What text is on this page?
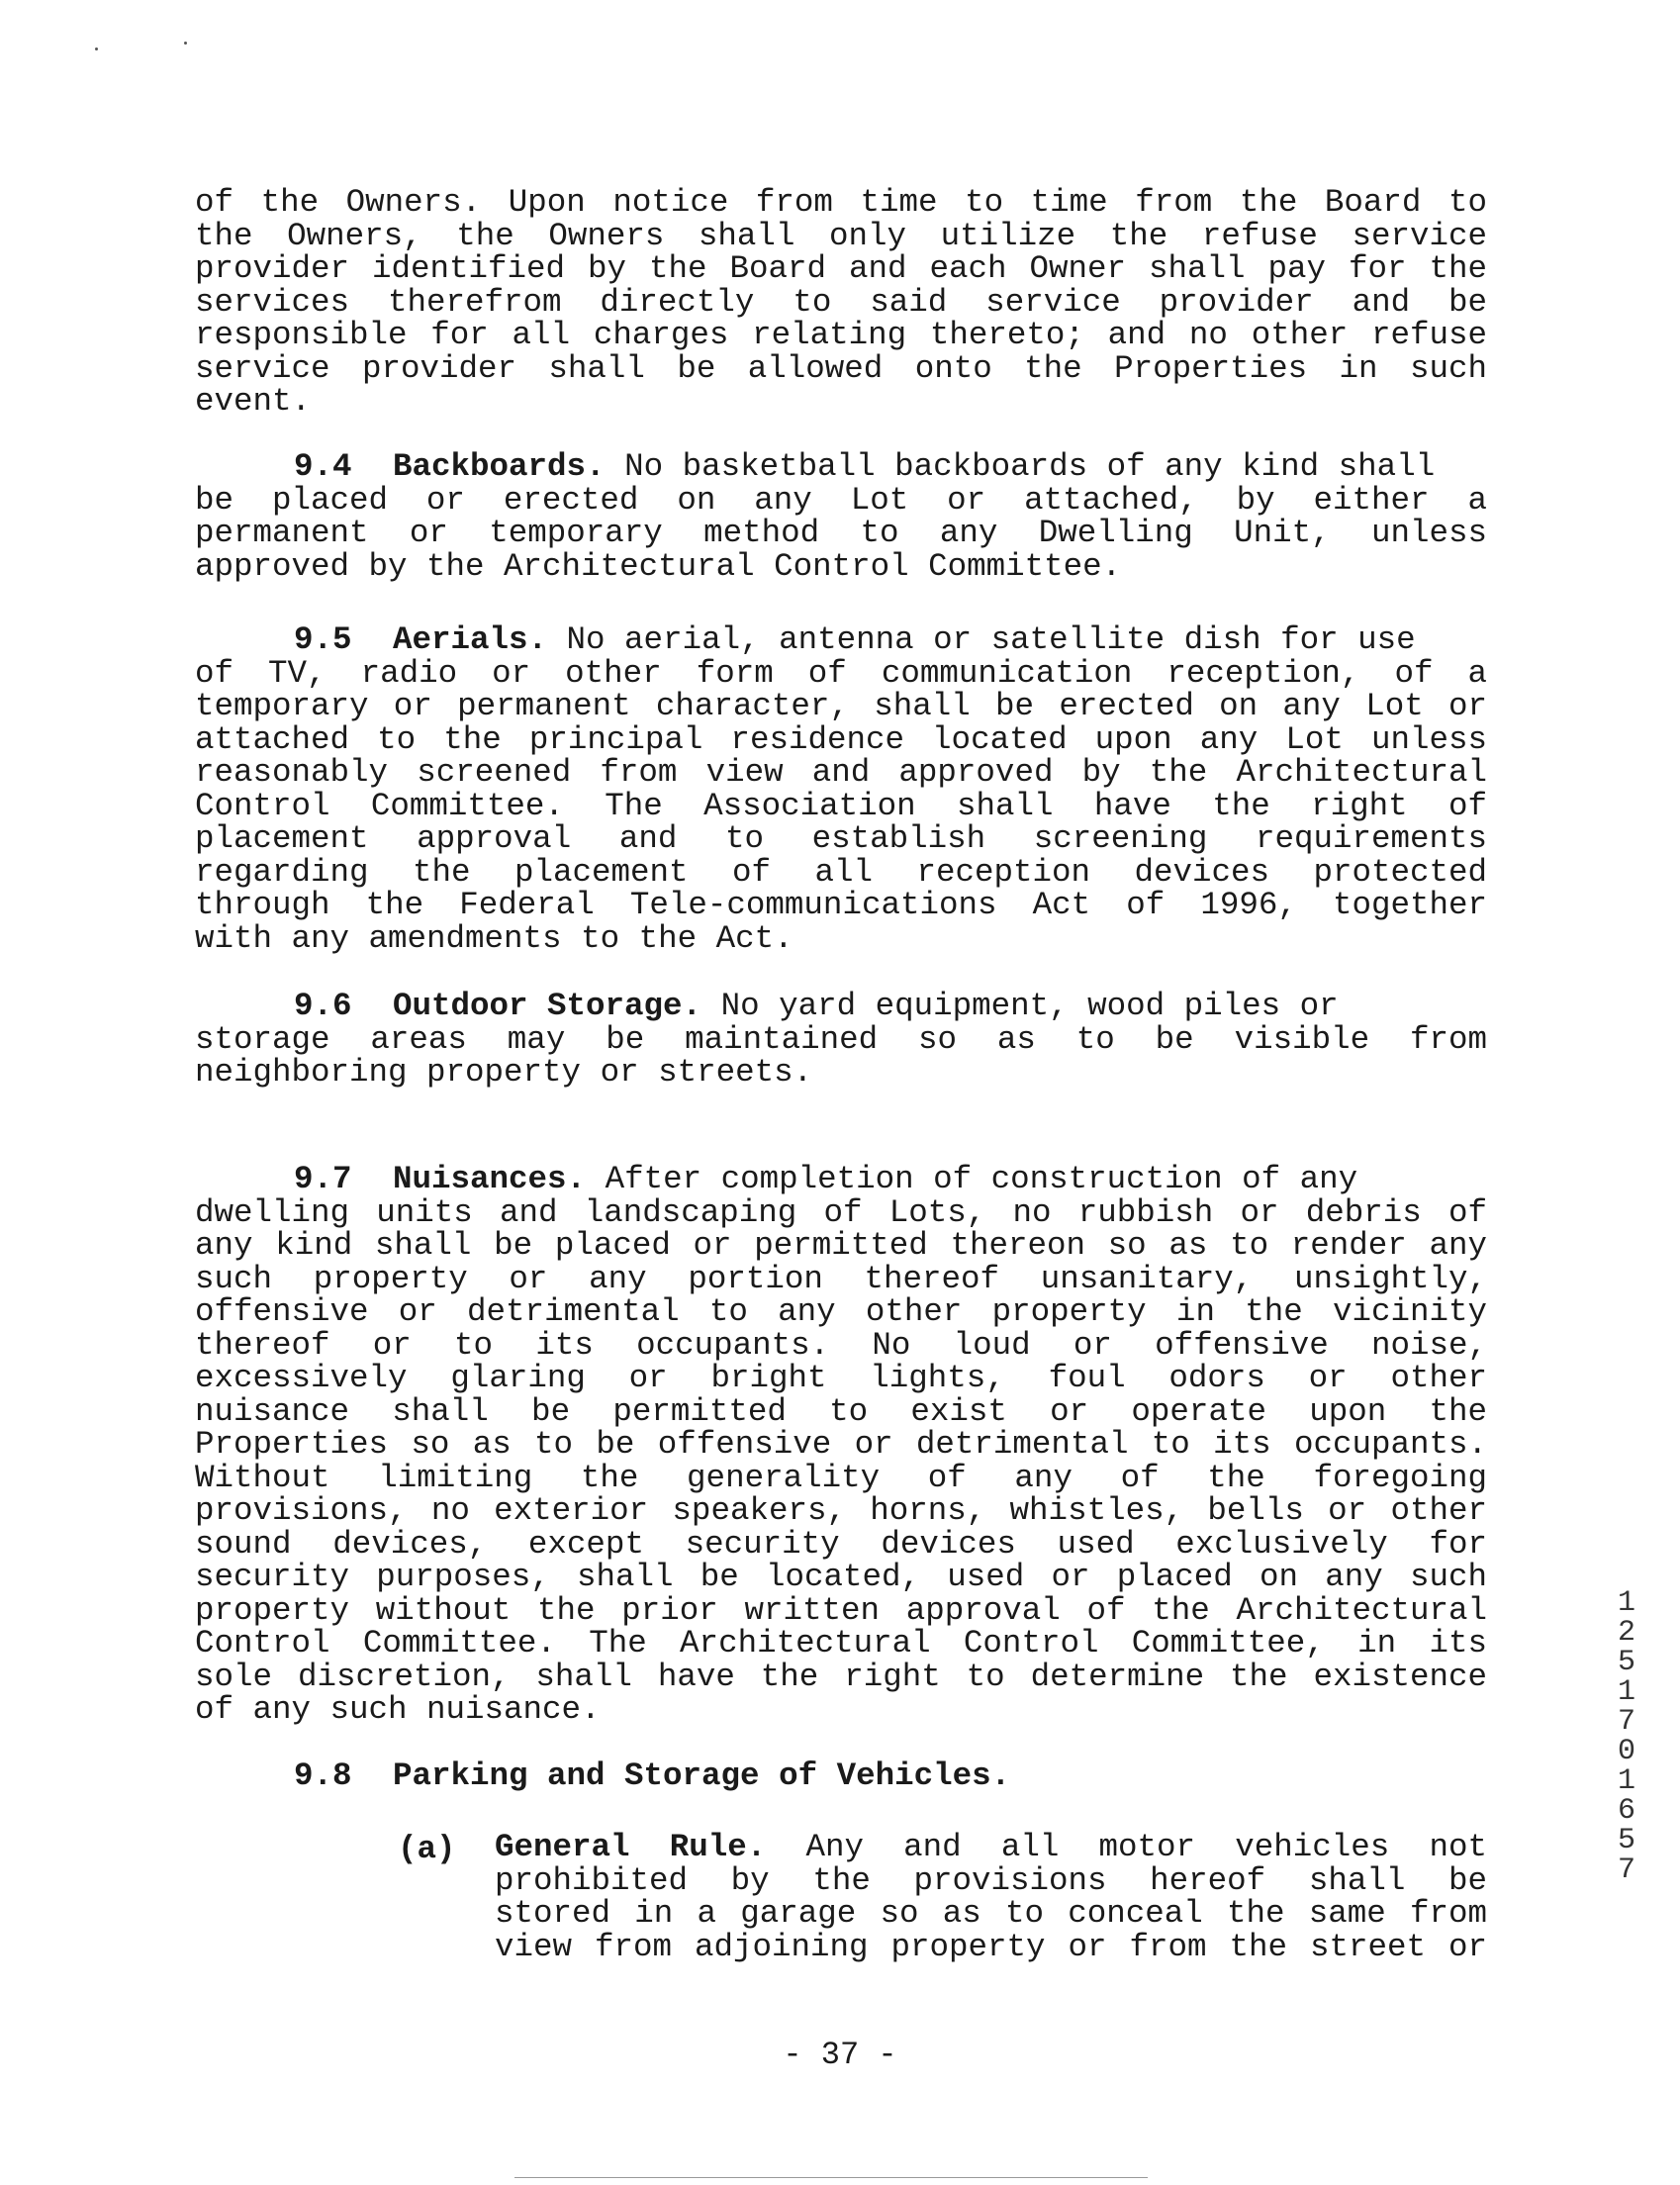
of the Owners. Upon notice from time to time from the Board to
the Owners, the Owners shall only utilize the refuse service
provider identified by the Board and each Owner shall pay for the
services therefrom directly to said service provider and be
responsible for all charges relating thereto; and no other refuse
service provider shall be allowed onto the Properties in such
event.
9.4 Backboards. No basketball backboards of any kind shall
be placed or erected on any Lot or attached, by either a
permanent or temporary method to any Dwelling Unit, unless
approved by the Architectural Control Committee.
9.5 Aerials. No aerial, antenna or satellite dish for use
of TV, radio or other form of communication reception, of a
temporary or permanent character, shall be erected on any Lot or
attached to the principal residence located upon any Lot unless
reasonably screened from view and approved by the Architectural
Control Committee. The Association shall have the right of
placement approval and to establish screening requirements
regarding the placement of all reception devices protected
through the Federal Tele-communications Act of 1996, together
with any amendments to the Act.
9.6 Outdoor Storage. No yard equipment, wood piles or
storage areas may be maintained so as to be visible from
neighboring property or streets.
9.7 Nuisances. After completion of construction of any
dwelling units and landscaping of Lots, no rubbish or debris of
any kind shall be placed or permitted thereon so as to render any
such property or any portion thereof unsanitary, unsightly,
offensive or detrimental to any other property in the vicinity
thereof or to its occupants. No loud or offensive noise,
excessively glaring or bright lights, foul odors or other
nuisance shall be permitted to exist or operate upon the
Properties so as to be offensive or detrimental to its occupants.
Without limiting the generality of any of the foregoing
provisions, no exterior speakers, horns, whistles, bells or other
sound devices, except security devices used exclusively for
security purposes, shall be located, used or placed on any such
property without the prior written approval of the Architectural
Control Committee. The Architectural Control Committee, in its
sole discretion, shall have the right to determine the existence
of any such nuisance.
9.8 Parking and Storage of Vehicles.
(a) General Rule. Any and all motor vehicles not
prohibited by the provisions hereof shall be
stored in a garage so as to conceal the same from
view from adjoining property or from the street or
1
2
5
1
7
0
1
6
5
7
- 37 -
